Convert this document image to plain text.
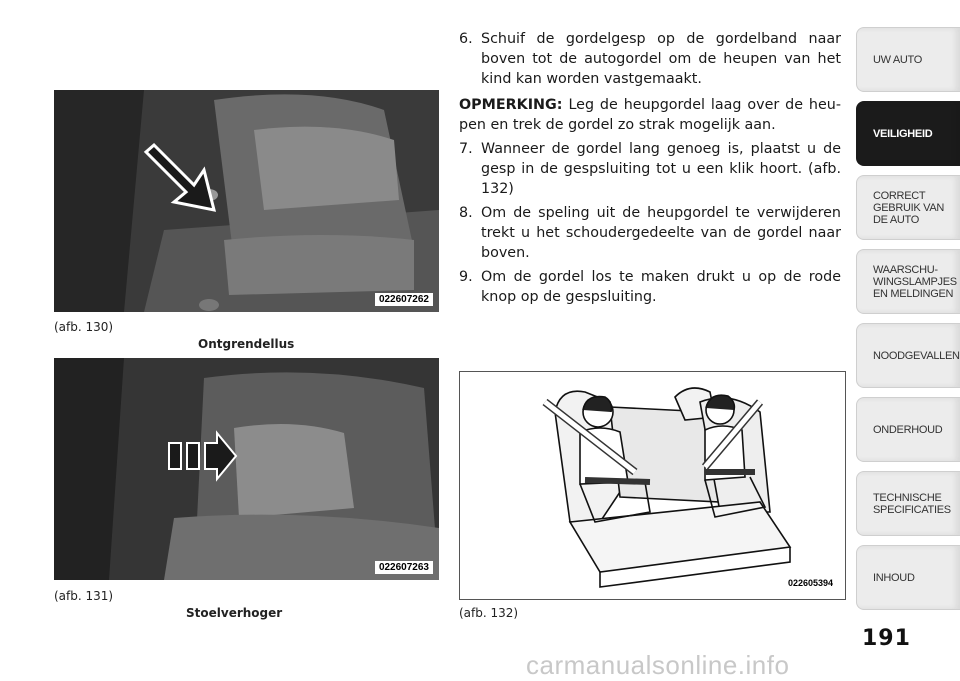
022607262
(afb. 130)
Ontgrendellus
022607263
(afb. 131)
Stoelverhoger
6. Schuif de gordelgesp op de gordelband naar boven tot de autogordel om de heupen van het kind kan worden vastgemaakt.
OPMERKING: Leg de heupgordel laag over de heu-pen en trek de gordel zo strak mogelijk aan.
7. Wanneer de gordel lang genoeg is, plaatst u de gesp in de gespsluiting tot u een klik hoort. (afb. 132)
8. Om de speling uit de heupgordel te verwijderen trekt u het schoudergedeelte van de gordel naar boven.
9. Om de gordel los te maken drukt u op de rode knop op de gespsluiting.
022605394
(afb. 132)
UW AUTO
VEILIGHEID
CORRECT
GEBRUIK VAN
DE AUTO
WAARSCHU-
WINGSLAMPJES
EN MELDINGEN
NOODGEVALLEN
ONDERHOUD
TECHNISCHE
SPECIFICATIES
INHOUD
191
carmanualsonline.info
